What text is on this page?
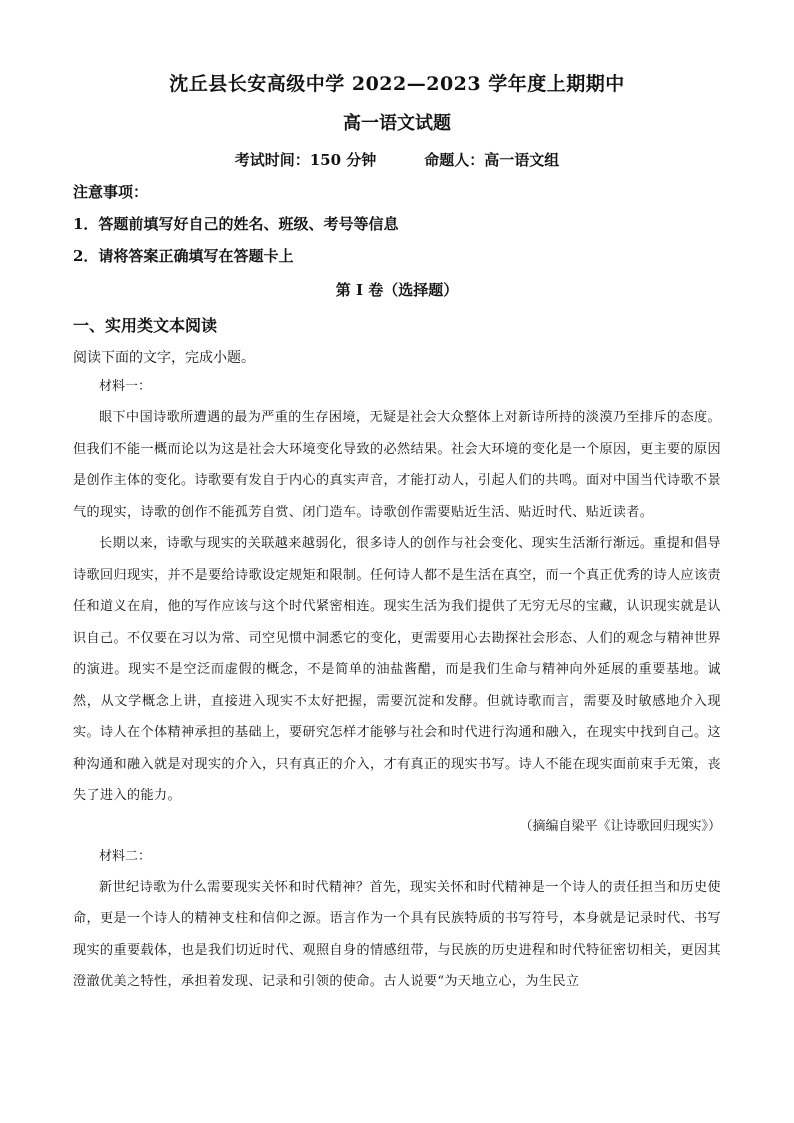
沈丘县长安高级中学 2022—2023 学年度上期期中

高一语文试题

考试时间：150 分钟	命题人：高一语文组

注意事项：

1．答题前填写好自己的姓名、班级、考号等信息

2．请将答案正确填写在答题卡上

第 I 卷（选择题）

一、实用类文本阅读

阅读下面的文字，完成小题。

材料一：

眼下中国诗歌所遭遇的最为严重的生存困境，无疑是社会大众整体上对新诗所持的淡漠乃至排斥的态度。但我们不能一概而论以为这是社会大环境变化导致的必然结果。社会大环境的变化是一个原因，更主要的原因是创作主体的变化。诗歌要有发自于内心的真实声音，才能打动人，引起人们的共鸣。面对中国当代诗歌不景气的现实，诗歌的创作不能孤芳自赏、闭门造车。诗歌创作需要贴近生活、贴近时代、贴近读者。

长期以来，诗歌与现实的关联越来越弱化，很多诗人的创作与社会变化、现实生活渐行渐远。重提和倡导诗歌回归现实，并不是要给诗歌设定规矩和限制。任何诗人都不是生活在真空，而一个真正优秀的诗人应该责任和道义在肩，他的写作应该与这个时代紧密相连。现实生活为我们提供了无穷无尽的宝藏，认识现实就是认识自己。不仅要在习以为常、司空见惯中洞悉它的变化，更需要用心去勘探社会形态、人们的观念与精神世界的演进。现实不是空泛而虚假的概念，不是简单的油盐酱醋，而是我们生命与精神向外延展的重要基地。诚然，从文学概念上讲，直接进入现实不太好把握，需要沉淀和发酵。但就诗歌而言，需要及时敏感地介入现实。诗人在个体精神承担的基础上，要研究怎样才能够与社会和时代进行沟通和融入，在现实中找到自己。这种沟通和融入就是对现实的介入，只有真正的介入，才有真正的现实书写。诗人不能在现实面前束手无策，丧失了进入的能力。

（摘编自梁平《让诗歌回归现实》）

材料二：

新世纪诗歌为什么需要现实关怀和时代精神？首先，现实关怀和时代精神是一个诗人的责任担当和历史使命，更是一个诗人的精神支柱和信仰之源。语言作为一个具有民族特质的书写符号，本身就是记录时代、书写现实的重要载体，也是我们切近时代、观照自身的情感纽带，与民族的历史进程和时代特征密切相关，更因其澄澈优美之特性，承担着发现、记录和引领的使命。古人说要“为天地立心，为生民立
